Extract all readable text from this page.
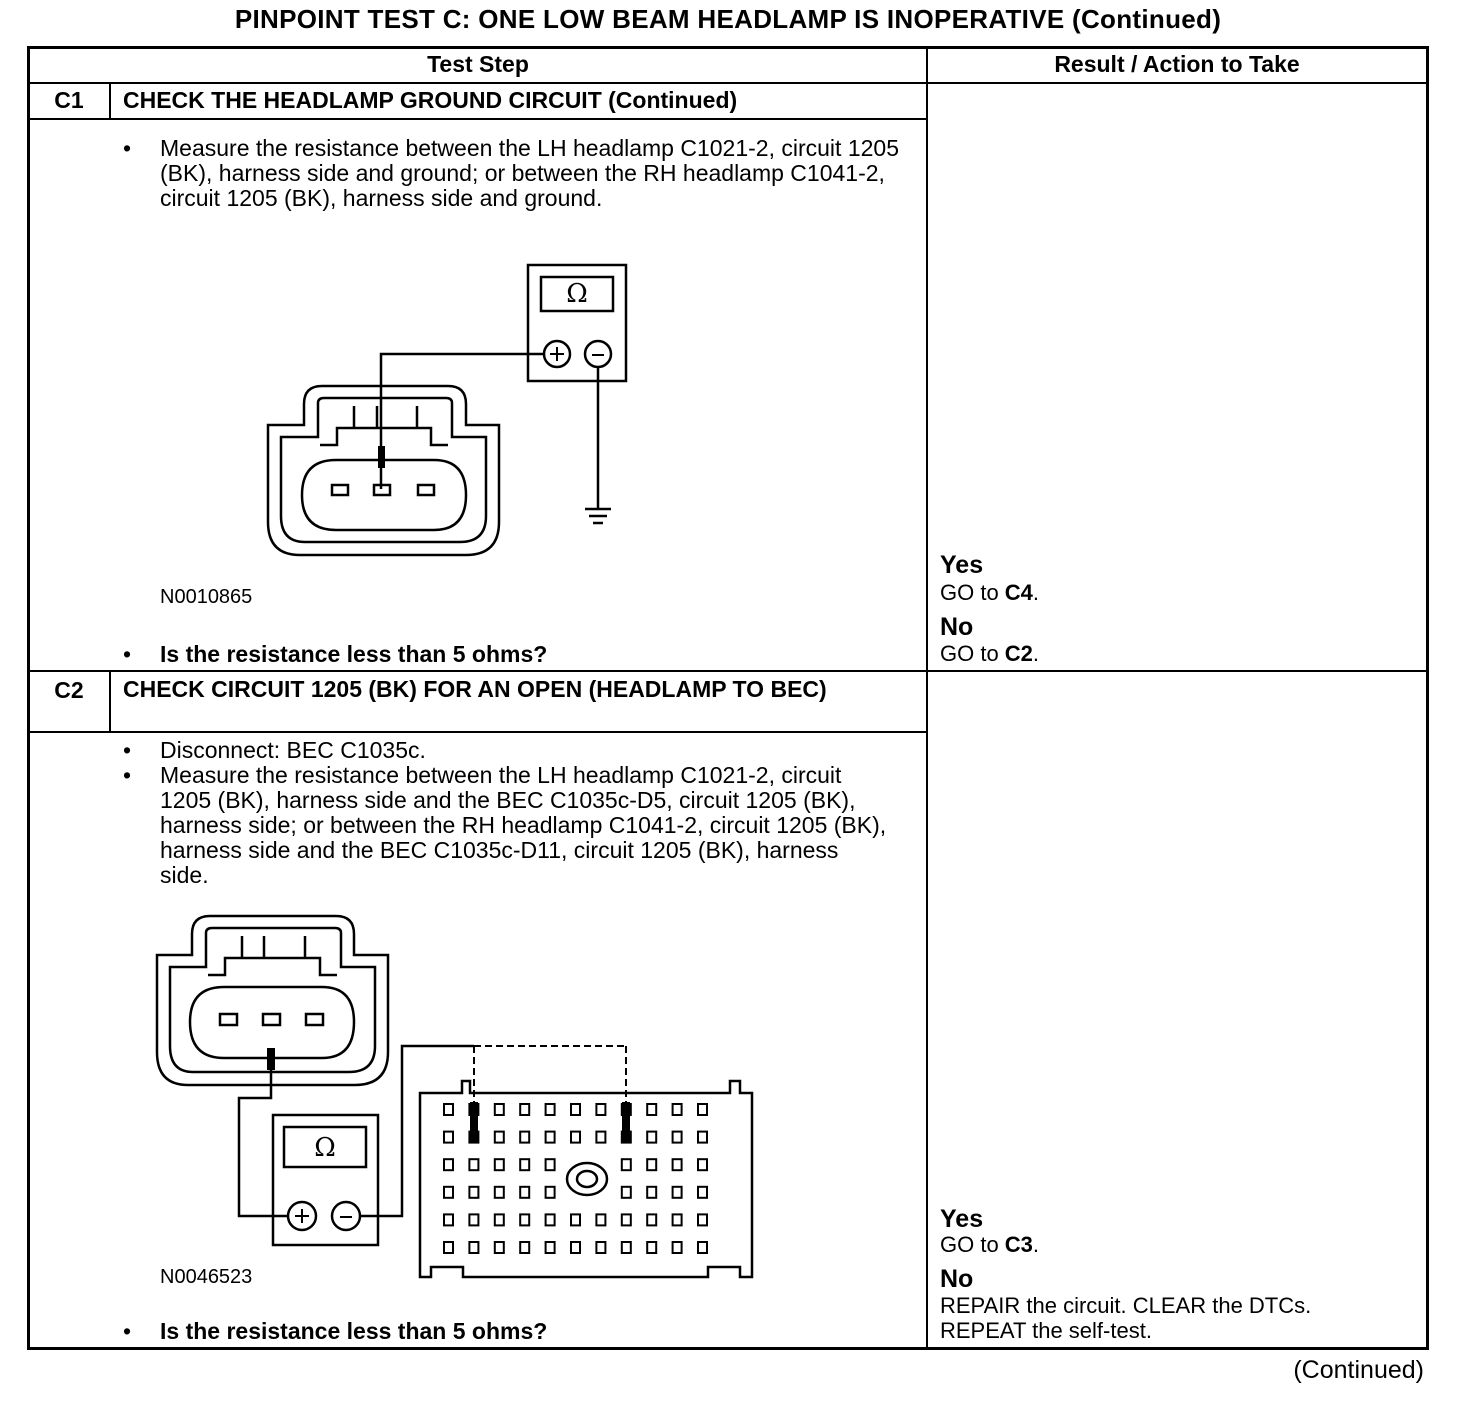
PINPOINT TEST C: ONE LOW BEAM HEADLAMP IS INOPERATIVE (Continued)
Test Step	Result / Action to Take
C1	CHECK THE HEADLAMP GROUND CIRCUIT (Continued)
• Measure the resistance between the LH headlamp C1021-2, circuit 1205 (BK), harness side and ground; or between the RH headlamp C1041-2, circuit 1205 (BK), harness side and ground.
Ω
N0010865
• Is the resistance less than 5 ohms?
Yes
GO to C4.
No
GO to C2.
C2	CHECK CIRCUIT 1205 (BK) FOR AN OPEN (HEADLAMP TO BEC)
• Disconnect: BEC C1035c.
• Measure the resistance between the LH headlamp C1021-2, circuit 1205 (BK), harness side and the BEC C1035c-D5, circuit 1205 (BK), harness side; or between the RH headlamp C1041-2, circuit 1205 (BK), harness side and the BEC C1035c-D11, circuit 1205 (BK), harness side.
Ω
N0046523
• Is the resistance less than 5 ohms?
Yes
GO to C3.
No
REPAIR the circuit. CLEAR the DTCs.
REPEAT the self-test.
(Continued)
